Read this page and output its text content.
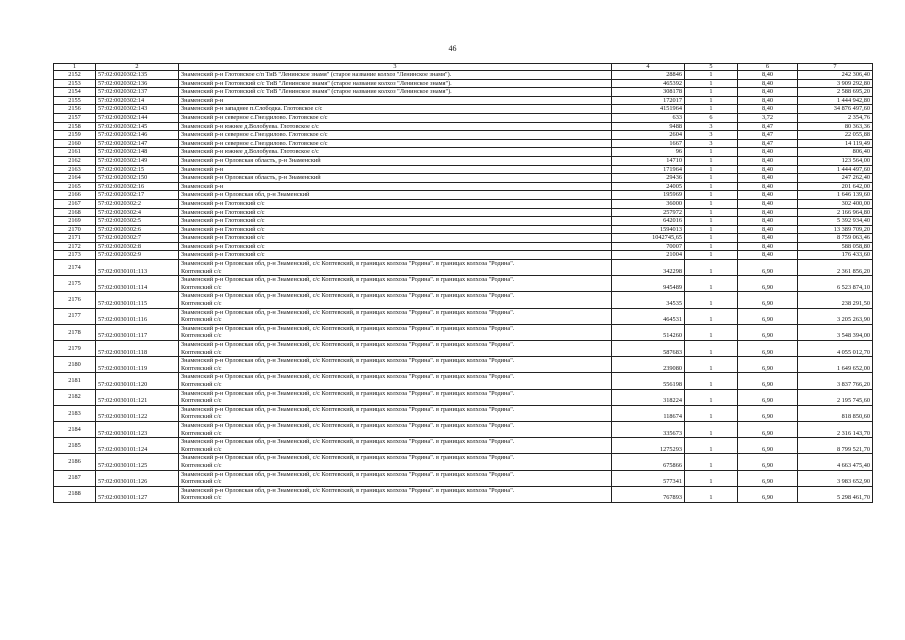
46
1	2	3	4	5	6	7
2152	57:02:0020302:135	Знаменский р-н Глотовское с/п ТиВ "Ленинское знамя" (старое название колхоз "Ленинское знамя").	28846	1	8,40	242 306,40
2153	57:02:0020302:136	Знаменский р-н Глотовский с/с ТиВ "Ленинское знамя" (старое название колхоз "Ленинское знамя").	465392	1	8,40	3 909 292,80
2154	57:02:0020302:137	Знаменский р-н Глотовский с/с ТиВ "Ленинское знамя" (старое название колхоз "Ленинское знамя").	308178	1	8,40	2 588 695,20
2155	57:02:0020302:14	Знаменский р-н	172017	1	8,40	1 444 942,80
2156	57:02:0020302:143	Знаменский р-н западнее п.Слободка. Глотовское с/с	4151964	1	8,40	34 876 497,60
2157	57:02:0020302:144	Знаменский р-н северное с.Гнездилово. Глотовское с/с	633	6	3,72	2 354,76
2158	57:02:0020302:145	Знаменский р-н южнее д.Волобуева. Глотовское с/с	9488	3	8,47	80 363,36
2159	57:02:0020302:146	Знаменский р-н северное с.Гнездилово. Глотовское с/с	2604	3	8,47	22 055,88
2160	57:02:0020302:147	Знаменский р-н северное с.Гнездилово. Глотовское с/с	1667	3	8,47	14 119,49
2161	57:02:0020302:148	Знаменский р-н южнее д.Волобуева. Глотовское с/с	96	1	8,40	806,40
2162	57:02:0020302:149	Знаменский р-н Орловская область, р-н Знаменский	14710	1	8,40	123 564,00
2163	57:02:0020302:15	Знаменский р-н	171964	1	8,40	1 444 497,60
2164	57:02:0020302:150	Знаменский р-н Орловская область, р-н Знаменский	29436	1	8,40	247 262,40
2165	57:02:0020302:16	Знаменский р-н	24005	1	8,40	201 642,00
2166	57:02:0020302:17	Знаменский р-н Орловская обл, р-н Знаменский	195969	1	8,40	1 646 139,60
2167	57:02:0020302:2	Знаменский р-н Глотовский с/с	36000	1	8,40	302 400,00
2168	57:02:0020302:4	Знаменский р-н Глотовский с/с	257972	1	8,40	2 166 964,80
2169	57:02:0020302:5	Знаменский р-н Глотовский с/с	642016	1	8,40	5 392 934,40
2170	57:02:0020302:6	Знаменский р-н Глотовский с/с	1594013	1	8,40	13 389 709,20
2171	57:02:0020302:7	Знаменский р-н Глотовский с/с	1042745,65	1	8,40	8 759 063,46
2172	57:02:0020302:8	Знаменский р-н Глотовский с/с	70007	1	8,40	588 058,80
2173	57:02:0020302:9	Знаменский р-н Глотовский с/с	21004	1	8,40	176 433,60
2174	57:02:0030101:113	Знаменский р-н Орловская обл, р-н Знаменский, с/с Коптевский, в границах колхоза "Родина". в границах колхоза "Родина".
Коптевский с/с	342298	1	6,90	2 361 856,20
2175	57:02:0030101:114	Знаменский р-н Орловская обл, р-н Знаменский, с/с Коптевский, в границах колхоза "Родина". в границах колхоза "Родина".
Коптевский с/с	945489	1	6,90	6 523 874,10
2176	57:02:0030101:115	Знаменский р-н Орловская обл, р-н Знаменский, с/с Коптевский, в границах колхоза "Родина". в границах колхоза "Родина".
Коптевский с/с	34535	1	6,90	238 291,50
2177	57:02:0030101:116	Знаменский р-н Орловская обл, р-н Знаменский, с/с Коптевский, в границах колхоза "Родина". в границах колхоза "Родина".
Коптевский с/с	464531	1	6,90	3 205 263,90
2178	57:02:0030101:117	Знаменский р-н Орловская обл, р-н Знаменский, с/с Коптевский, в границах колхоза "Родина". в границах колхоза "Родина".
Коптевский с/с	514260	1	6,90	3 548 394,00
2179	57:02:0030101:118	Знаменский р-н Орловская обл, р-н Знаменский, с/с Коптевский, в границах колхоза "Родина". в границах колхоза "Родина".
Коптевский с/с	587683	1	6,90	4 055 012,70
2180	57:02:0030101:119	Знаменский р-н Орловская обл, р-н Знаменский, с/с Коптевский, в границах колхоза "Родина". в границах колхоза "Родина".
Коптевский с/с	239080	1	6,90	1 649 652,00
2181	57:02:0030101:120	Знаменский р-н Орловская обл, р-н Знаменский, с/с Коптевский, в границах колхоза "Родина". в границах колхоза "Родина".
Коптевский с/с	556198	1	6,90	3 837 766,20
2182	57:02:0030101:121	Знаменский р-н Орловская обл, р-н Знаменский, с/с Коптевский, в границах колхоза "Родина". в границах колхоза "Родина".
Коптевский с/с	318224	1	6,90	2 195 745,60
2183	57:02:0030101:122	Знаменский р-н Орловская обл, р-н Знаменский, с/с Коптевский, в границах колхоза "Родина". в границах колхоза "Родина".
Коптевский с/с	118674	1	6,90	818 850,60
2184	57:02:0030101:123	Знаменский р-н Орловская обл, р-н Знаменский, с/с Коптевский, в границах колхоза "Родина". в границах колхоза "Родина".
Коптевский с/с	335673	1	6,90	2 316 143,70
2185	57:02:0030101:124	Знаменский р-н Орловская обл, р-н Знаменский, с/с Коптевский, в границах колхоза "Родина". в границах колхоза "Родина".
Коптевский с/с	1275293	1	6,90	8 799 521,70
2186	57:02:0030101:125	Знаменский р-н Орловская обл, р-н Знаменский, с/с Коптевский, в границах колхоза "Родина". в границах колхоза "Родина".
Коптевский с/с	675866	1	6,90	4 663 475,40
2187	57:02:0030101:126	Знаменский р-н Орловская обл, р-н Знаменский, с/с Коптевский, в границах колхоза "Родина". в границах колхоза "Родина".
Коптевский с/с	577341	1	6,90	3 983 652,90
2188	57:02:0030101:127	Знаменский р-н Орловская обл, р-н Знаменский, с/с Коптевский, в границах колхоза "Родина". в границах колхоза "Родина".
Коптевский с/с	767893	1	6,90	5 298 461,70
